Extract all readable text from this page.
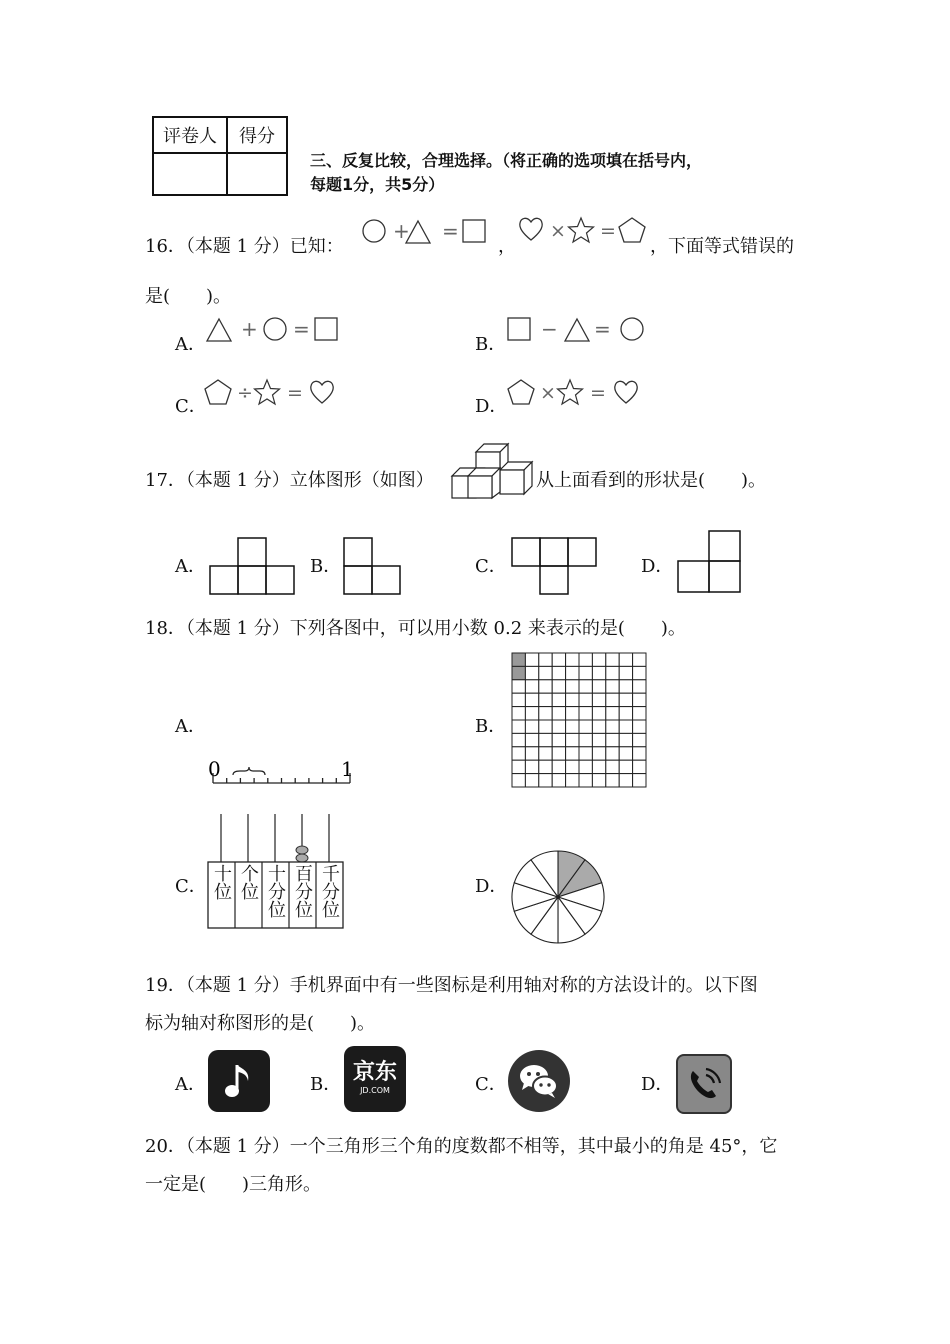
评卷人	得分

三、反复比较，合理选择。（将正确的选项填在括号内，
每题1分，共5分）
16．（本题 1 分）已知：
+ =
，
× =
，下面等式错误的
是(　　)。
A．
+ =
B．
− =
C．
÷ =
D．
× =
17．（本题 1 分）立体图形（如图）	从上面看到的形状是(　　)。
A．	B．	C．	D．
18．（本题 1 分）下列各图中，可以用小数 0.2 来表示的是(　　)。
A．
0	1
B．
C． 十位 个位 十分位 百分位 千分位	D．
19．（本题 1 分）手机界面中有一些图标是利用轴对称的方法设计的。以下图
标为轴对称图形的是(　　)。
A．	B． 京东
JD.COM	C．	D．
20．（本题 1 分）一个三角形三个角的度数都不相等，其中最小的角是 45°，它
一定是(　　)三角形。
